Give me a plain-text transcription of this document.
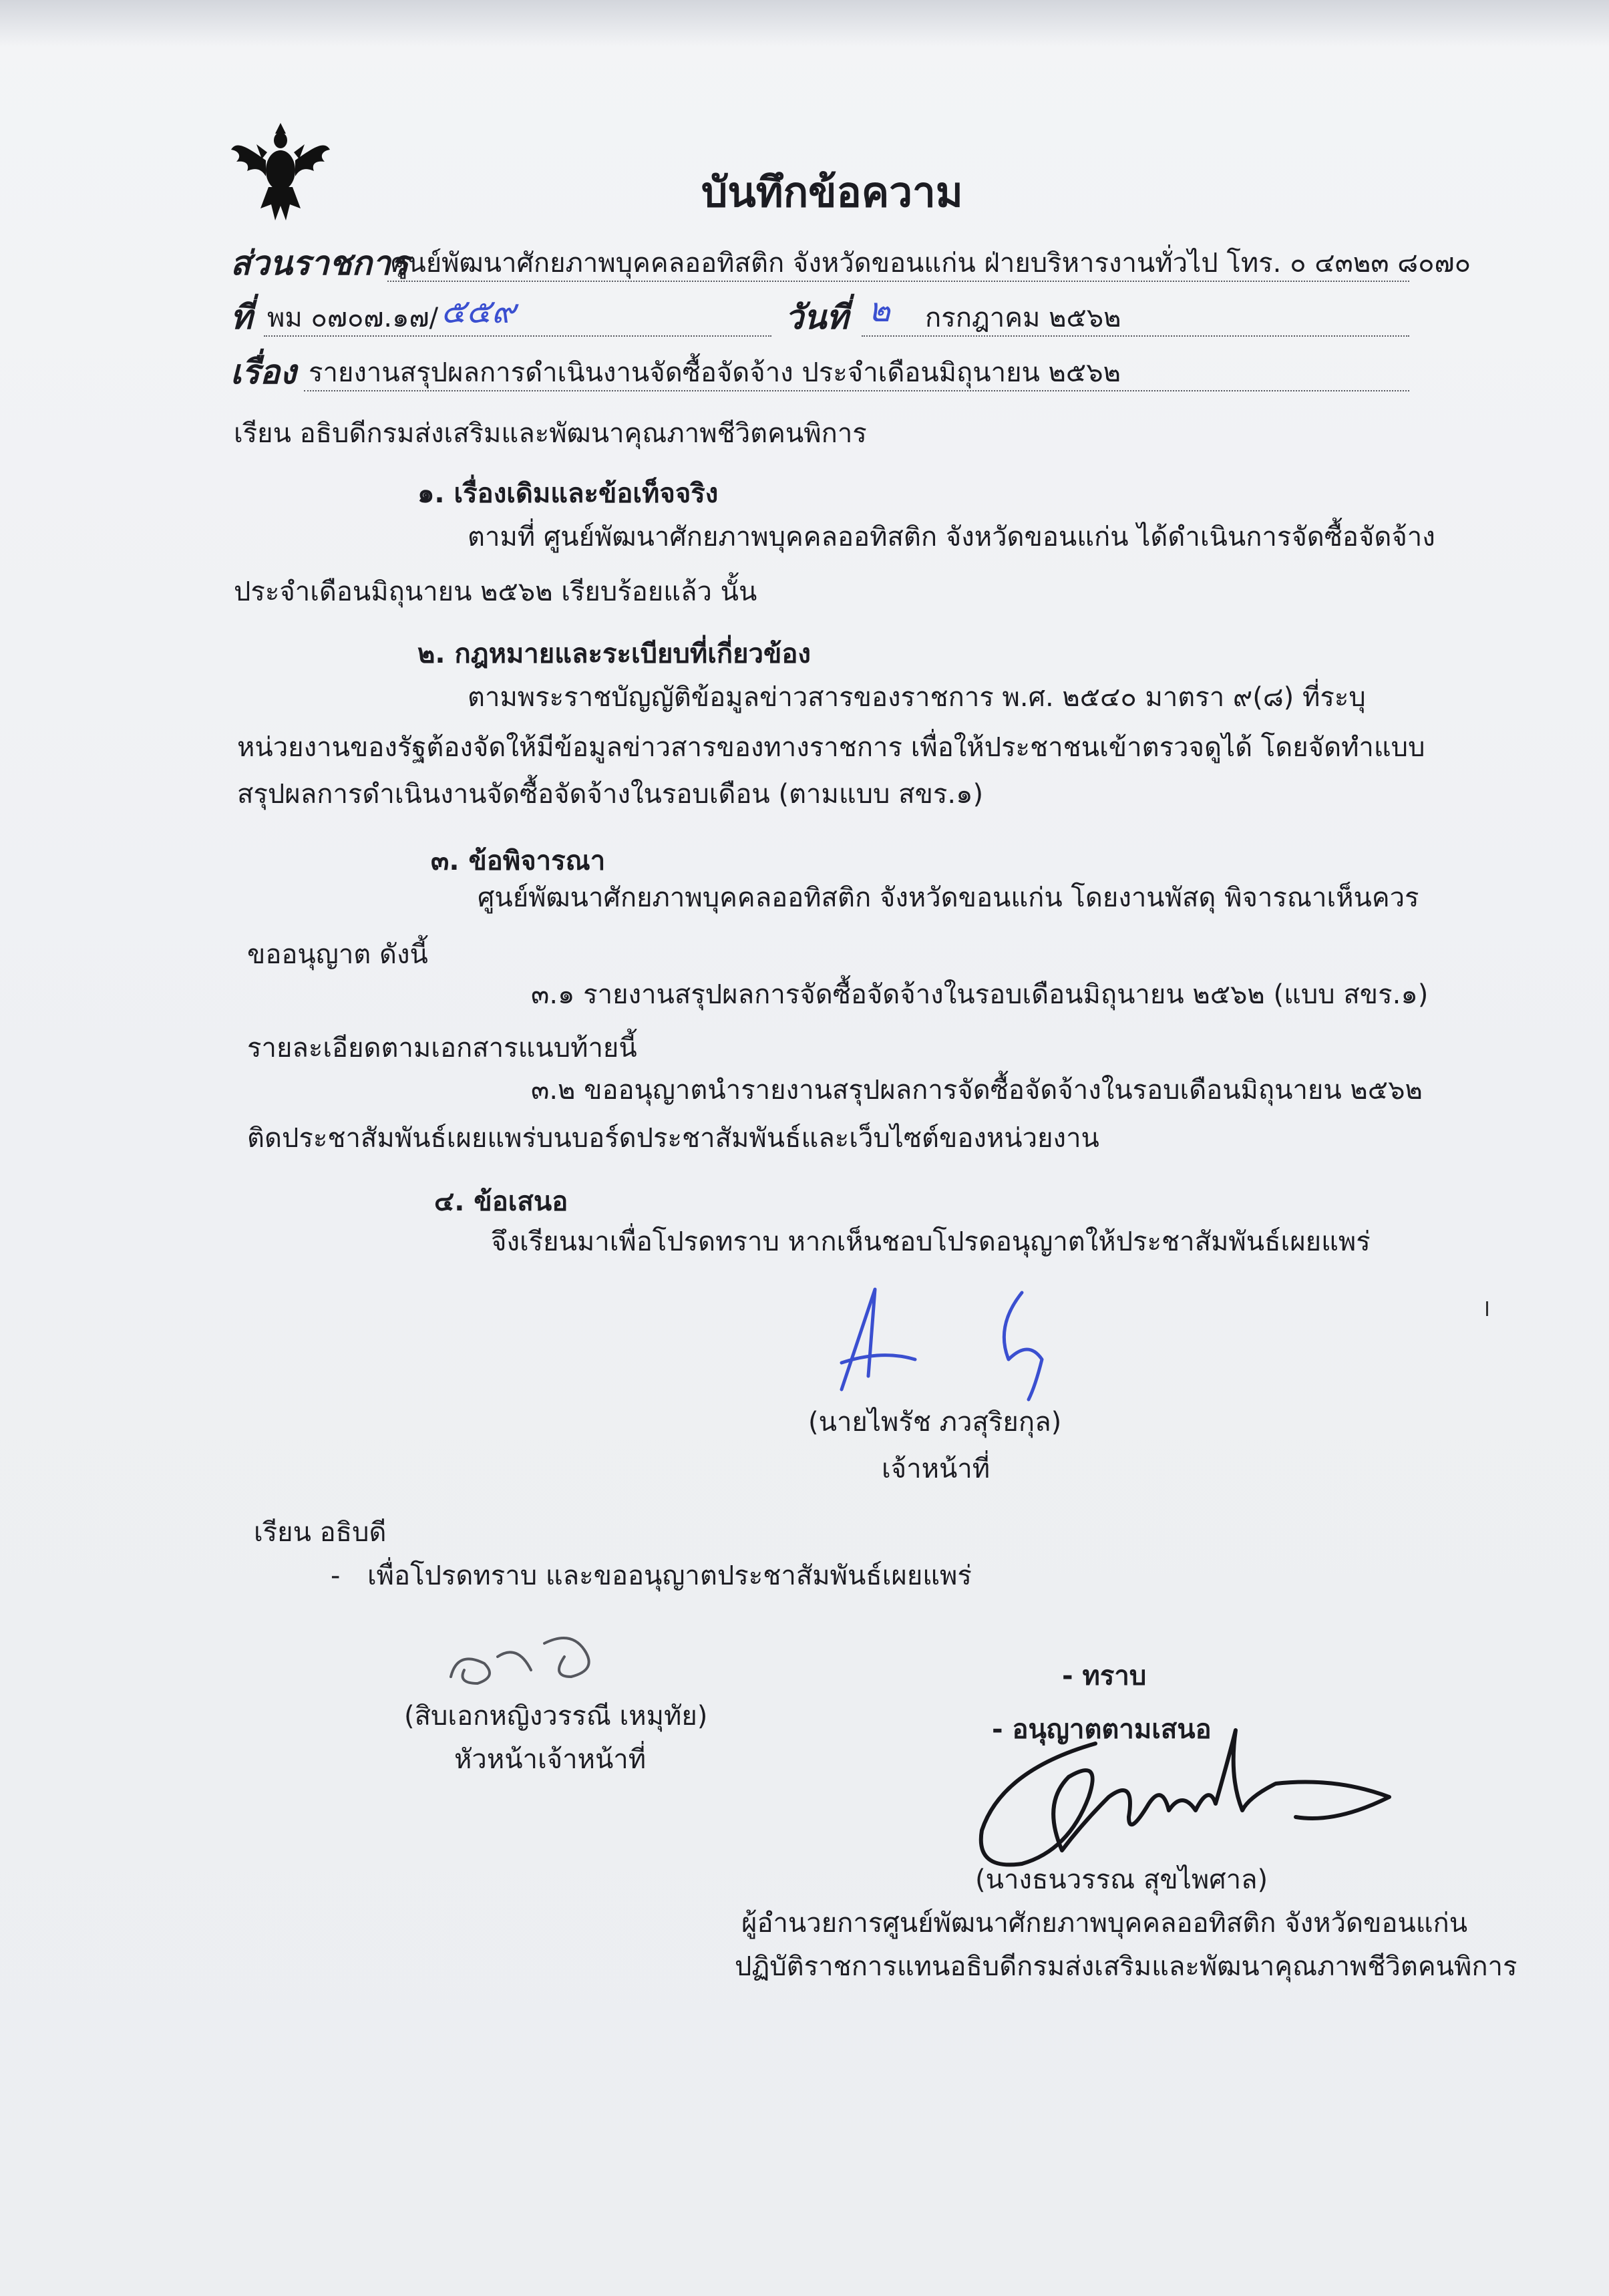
บันทึกข้อความ
ส่วนราชการ
ศูนย์พัฒนาศักยภาพบุคคลออทิสติก จังหวัดขอนแก่น ฝ่ายบริหารงานทั่วไป โทร. ๐ ๔๓๒๓ ๘๐๗๐
ที่ พม ๐๗๐๗.๑๗/ ๕๕๙	วันที่ ๒ กรกฎาคม ๒๕๖๒
เรื่อง รายงานสรุปผลการดำเนินงานจัดซื้อจัดจ้าง ประจำเดือนมิถุนายน ๒๕๖๒
เรียน อธิบดีกรมส่งเสริมและพัฒนาคุณภาพชีวิตคนพิการ
๑. เรื่องเดิมและข้อเท็จจริง
ตามที่ ศูนย์พัฒนาศักยภาพบุคคลออทิสติก จังหวัดขอนแก่น ได้ดำเนินการจัดซื้อจัดจ้าง
ประจำเดือนมิถุนายน ๒๕๖๒ เรียบร้อยแล้ว นั้น
๒. กฎหมายและระเบียบที่เกี่ยวข้อง
ตามพระราชบัญญัติข้อมูลข่าวสารของราชการ พ.ศ. ๒๕๔๐ มาตรา ๙(๘) ที่ระบุ
หน่วยงานของรัฐต้องจัดให้มีข้อมูลข่าวสารของทางราชการ เพื่อให้ประชาชนเข้าตรวจดูได้ โดยจัดทำแบบ
สรุปผลการดำเนินงานจัดซื้อจัดจ้างในรอบเดือน (ตามแบบ สขร.๑)
๓. ข้อพิจารณา
ศูนย์พัฒนาศักยภาพบุคคลออทิสติก จังหวัดขอนแก่น โดยงานพัสดุ พิจารณาเห็นควร
ขออนุญาต ดังนี้
๓.๑ รายงานสรุปผลการจัดซื้อจัดจ้างในรอบเดือนมิถุนายน ๒๕๖๒ (แบบ สขร.๑)
รายละเอียดตามเอกสารแนบท้ายนี้
๓.๒ ขออนุญาตนำรายงานสรุปผลการจัดซื้อจัดจ้างในรอบเดือนมิถุนายน ๒๕๖๒
ติดประชาสัมพันธ์เผยแพร่บนบอร์ดประชาสัมพันธ์และเว็บไซต์ของหน่วยงาน
๔. ข้อเสนอ
จึงเรียนมาเพื่อโปรดทราบ หากเห็นชอบโปรดอนุญาตให้ประชาสัมพันธ์เผยแพร่
(นายไพรัช ภวสุริยกุล)
เจ้าหน้าที่
เรียน อธิบดี
- เพื่อโปรดทราบ และขออนุญาตประชาสัมพันธ์เผยแพร่
(สิบเอกหญิงวรรณี เหมุทัย)
หัวหน้าเจ้าหน้าที่
- ทราบ
- อนุญาตตามเสนอ
(นางธนวรรณ สุขไพศาล)
ผู้อำนวยการศูนย์พัฒนาศักยภาพบุคคลออทิสติก จังหวัดขอนแก่น
ปฏิบัติราชการแทนอธิบดีกรมส่งเสริมและพัฒนาคุณภาพชีวิตคนพิการ
